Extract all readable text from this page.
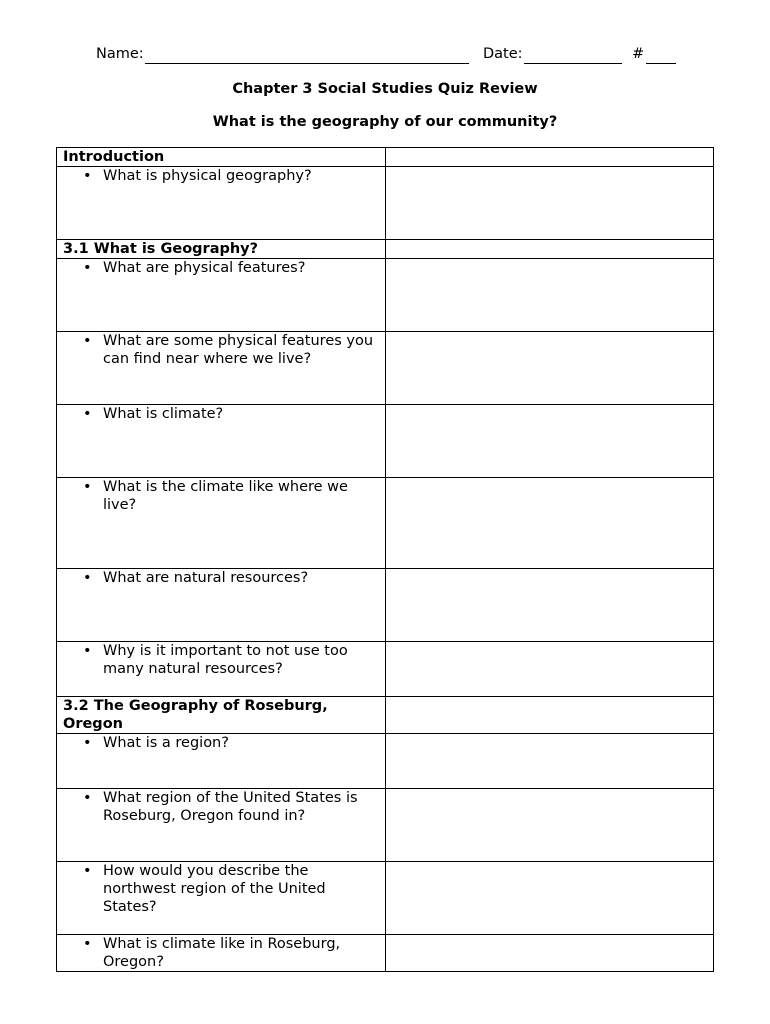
Name:	Date:	#
Chapter 3 Social Studies Quiz Review
What is the geography of our community?
Introduction	

• What is physical geography?	

3.1 What is Geography?	

• What are physical features?	

• What are some physical features you can find near where we live?	

• What is climate?	

• What is the climate like where we live?	

• What are natural resources?	

• Why is it important to not use too many natural resources?	

3.2 The Geography of Roseburg, Oregon	

• What is a region?	

• What region of the United States is Roseburg, Oregon found in?	

• How would you describe the northwest region of the United States?	

• What is climate like in Roseburg, Oregon?	
